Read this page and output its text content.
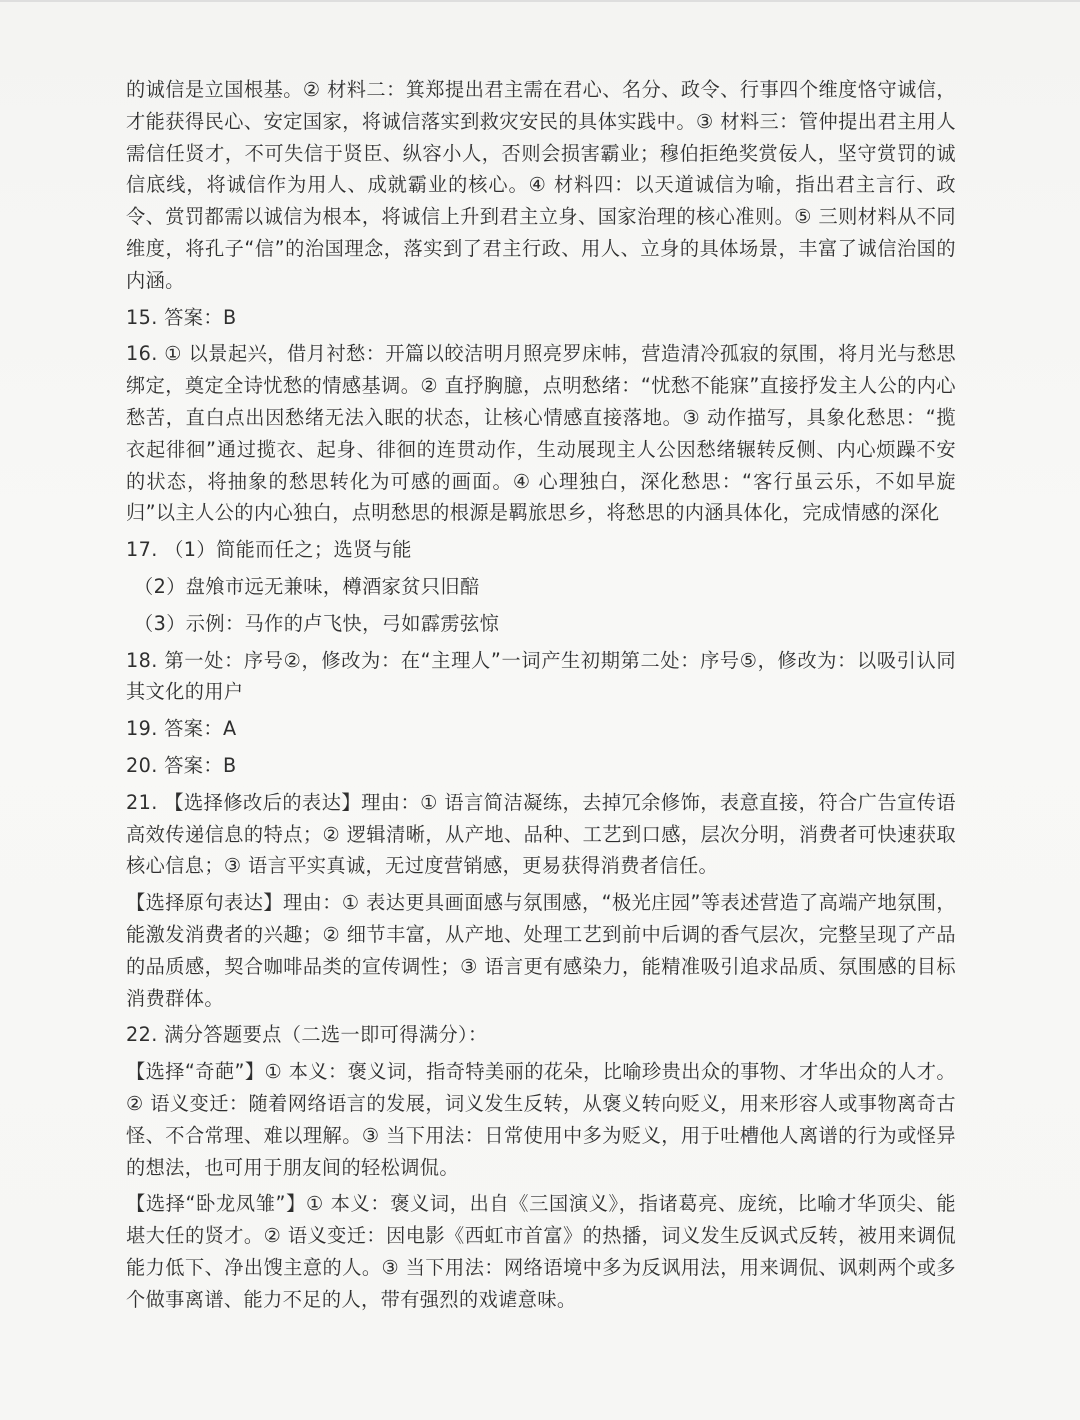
的诚信是立国根基。② 材料二：箕郑提出君主需在君心、名分、政令、行事四个维度恪守诚信，才能获得民心、安定国家，将诚信落实到救灾安民的具体实践中。③ 材料三：管仲提出君主用人需信任贤才，不可失信于贤臣、纵容小人，否则会损害霸业；穆伯拒绝奖赏佞人，坚守赏罚的诚信底线，将诚信作为用人、成就霸业的核心。④ 材料四：以天道诚信为喻，指出君主言行、政令、赏罚都需以诚信为根本，将诚信上升到君主立身、国家治理的核心准则。⑤ 三则材料从不同维度，将孔子“信”的治国理念，落实到了君主行政、用人、立身的具体场景，丰富了诚信治国的内涵。

15. 答案：B

16. ① 以景起兴，借月衬愁：开篇以皎洁明月照亮罗床帏，营造清冷孤寂的氛围，将月光与愁思绑定，奠定全诗忧愁的情感基调。② 直抒胸臆，点明愁绪：“忧愁不能寐”直接抒发主人公的内心愁苦，直白点出因愁绪无法入眠的状态，让核心情感直接落地。③ 动作描写，具象化愁思：“揽衣起徘徊”通过揽衣、起身、徘徊的连贯动作，生动展现主人公因愁绪辗转反侧、内心烦躁不安的状态，将抽象的愁思转化为可感的画面。④ 心理独白，深化愁思：“客行虽云乐，不如早旋归”以主人公的内心独白，点明愁思的根源是羁旅思乡，将愁思的内涵具体化，完成情感的深化

17. （1）简能而任之；选贤与能

（2）盘飧市远无兼味，樽酒家贫只旧醅

（3）示例：马作的卢飞快，弓如霹雳弦惊

18. 第一处：序号②，修改为：在“主理人”一词产生初期第二处：序号⑤，修改为：以吸引认同其文化的用户

19. 答案：A

20. 答案：B

21. 【选择修改后的表达】理由：① 语言简洁凝练，去掉冗余修饰，表意直接，符合广告宣传语高效传递信息的特点；② 逻辑清晰，从产地、品种、工艺到口感，层次分明，消费者可快速获取核心信息；③ 语言平实真诚，无过度营销感，更易获得消费者信任。

【选择原句表达】理由：① 表达更具画面感与氛围感，“极光庄园”等表述营造了高端产地氛围，能激发消费者的兴趣；② 细节丰富，从产地、处理工艺到前中后调的香气层次，完整呈现了产品的品质感，契合咖啡品类的宣传调性；③ 语言更有感染力，能精准吸引追求品质、氛围感的目标消费群体。

22. 满分答题要点（二选一即可得满分）：

【选择“奇葩”】① 本义：褒义词，指奇特美丽的花朵，比喻珍贵出众的事物、才华出众的人才。② 语义变迁：随着网络语言的发展，词义发生反转，从褒义转向贬义，用来形容人或事物离奇古怪、不合常理、难以理解。③ 当下用法：日常使用中多为贬义，用于吐槽他人离谱的行为或怪异的想法，也可用于朋友间的轻松调侃。

【选择“卧龙凤雏”】① 本义：褒义词，出自《三国演义》，指诸葛亮、庞统，比喻才华顶尖、能堪大任的贤才。② 语义变迁：因电影《西虹市首富》的热播，词义发生反讽式反转，被用来调侃能力低下、净出馊主意的人。③ 当下用法：网络语境中多为反讽用法，用来调侃、讽刺两个或多个做事离谱、能力不足的人，带有强烈的戏谑意味。
